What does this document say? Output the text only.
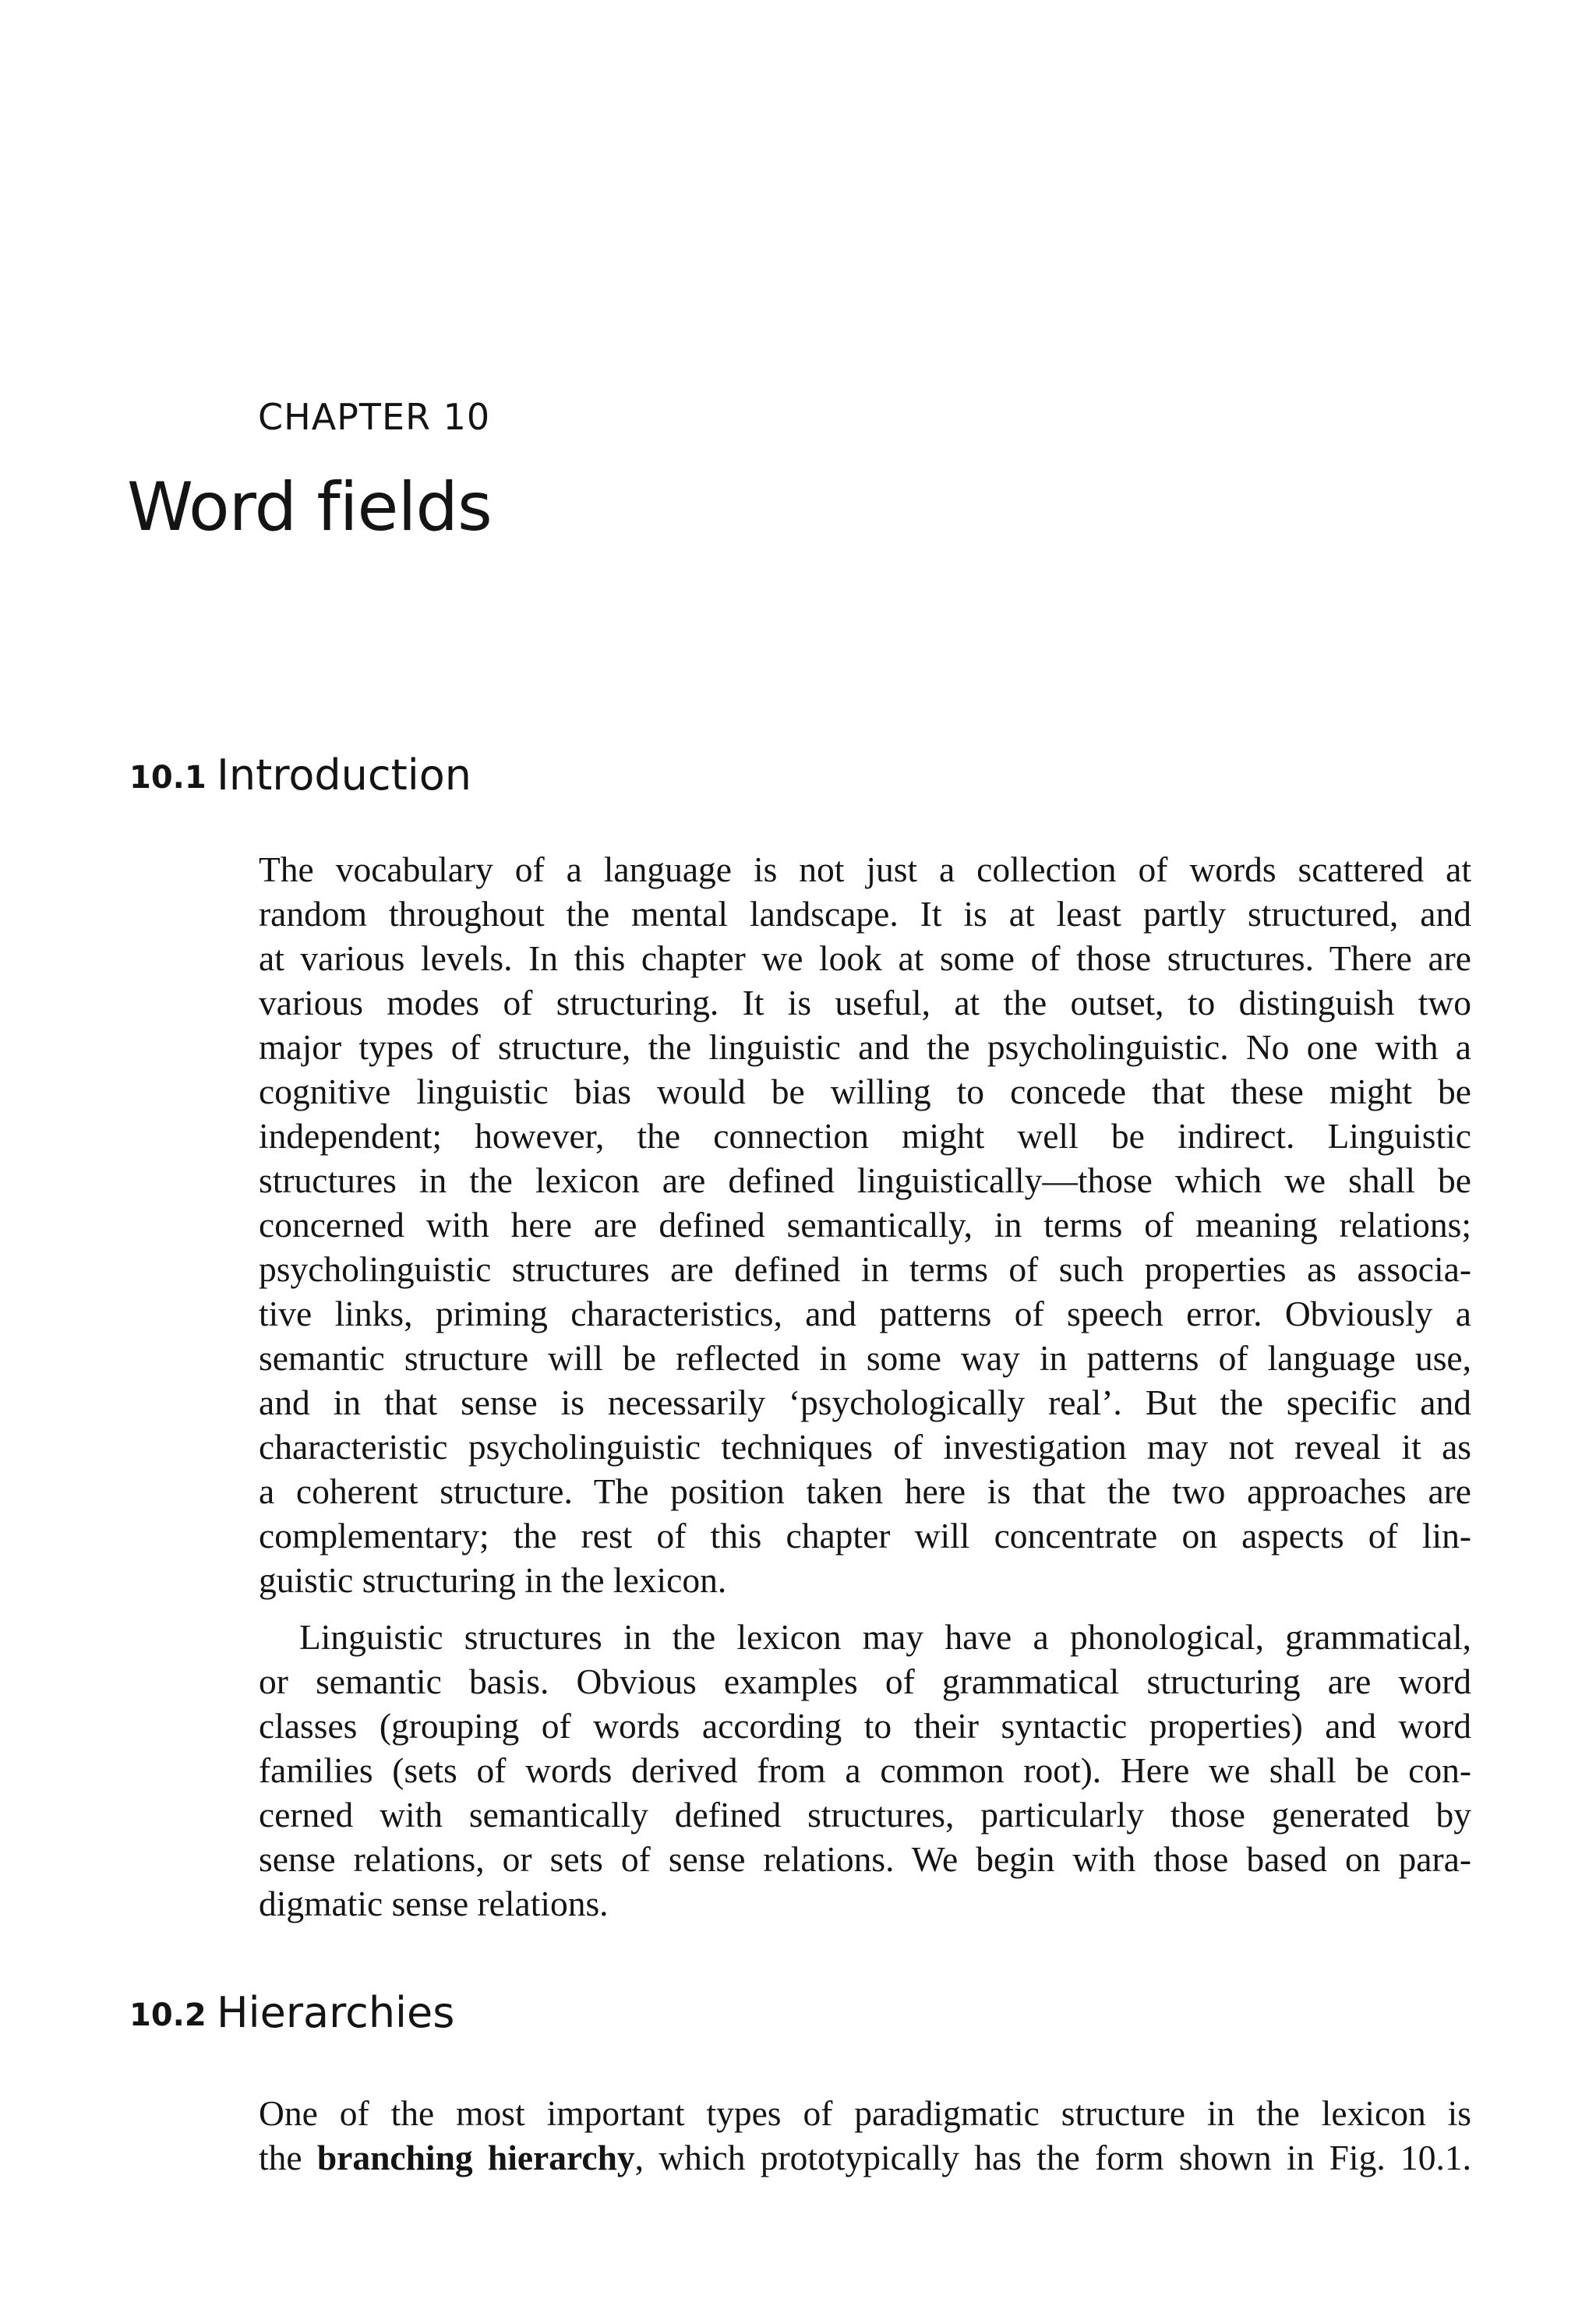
CHAPTER 10
Word fields
10.1 Introduction
The vocabulary of a language is not just a collection of words scattered at
random throughout the mental landscape. It is at least partly structured, and
at various levels. In this chapter we look at some of those structures. There are
various modes of structuring. It is useful, at the outset, to distinguish two
major types of structure, the linguistic and the psycholinguistic. No one with a
cognitive linguistic bias would be willing to concede that these might be
independent; however, the connection might well be indirect. Linguistic
structures in the lexicon are defined linguistically—those which we shall be
concerned with here are defined semantically, in terms of meaning relations;
psycholinguistic structures are defined in terms of such properties as associa-
tive links, priming characteristics, and patterns of speech error. Obviously a
semantic structure will be reflected in some way in patterns of language use,
and in that sense is necessarily ‘psychologically real’. But the specific and
characteristic psycholinguistic techniques of investigation may not reveal it as
a coherent structure. The position taken here is that the two approaches are
complementary; the rest of this chapter will concentrate on aspects of lin-
guistic structuring in the lexicon.
Linguistic structures in the lexicon may have a phonological, grammatical,
or semantic basis. Obvious examples of grammatical structuring are word
classes (grouping of words according to their syntactic properties) and word
families (sets of words derived from a common root). Here we shall be con-
cerned with semantically defined structures, particularly those generated by
sense relations, or sets of sense relations. We begin with those based on para-
digmatic sense relations.
10.2 Hierarchies
One of the most important types of paradigmatic structure in the lexicon is
the branching hierarchy, which prototypically has the form shown in Fig. 10.1.
